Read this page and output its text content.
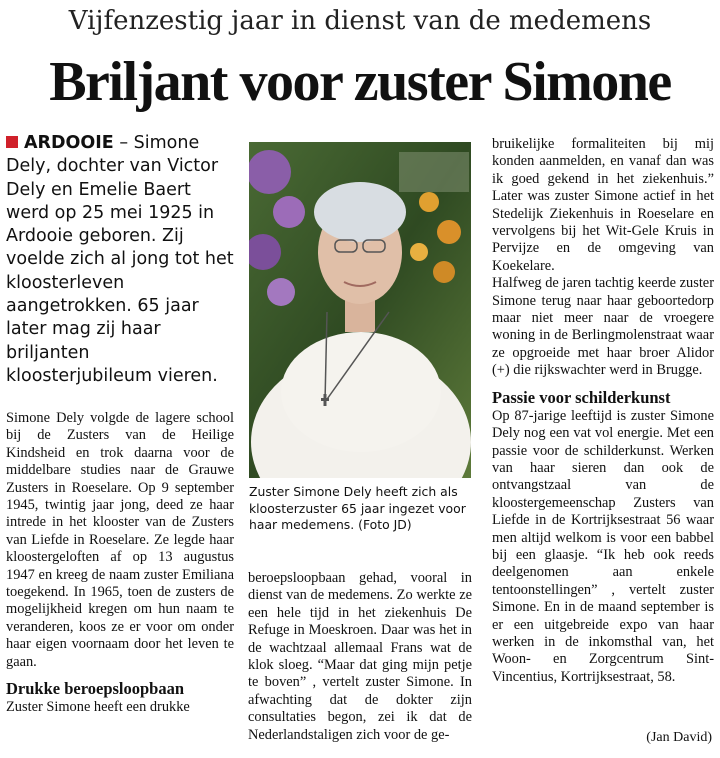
Vijfenzestig jaar in dienst van de medemens
Briljant voor zuster Simone
ARDOOIE – Simone Dely, dochter van Victor Dely en Emelie Baert werd op 25 mei 1925 in Ardooie geboren. Zij voelde zich al jong tot het kloosterleven aangetrokken. 65 jaar later mag zij haar briljanten kloosterjubileum vieren.

Simone Dely volgde de lagere school bij de Zusters van de Heilige Kindsheid en trok daarna voor de middelbare studies naar de Grauwe Zusters in Roeselare. Op 9 september 1945, twintig jaar jong, deed ze haar intrede in het klooster van de Zusters van Liefde in Roeselare. Ze legde haar kloostergeloften af op 13 augustus 1947 en kreeg de naam zuster Emiliana toegekend. In 1965, toen de zusters de mogelijkheid kregen om hun naam te veranderen, koos ze er voor om onder haar eigen voornaam door het leven te gaan.

Drukke beroepsloopbaan

Zuster Simone heeft een drukke

Zuster Simone Dely heeft zich als kloosterzuster 65 jaar ingezet voor haar medemens. (Foto JD)

beroepsloopbaan gehad, vooral in dienst van de medemens. Zo werkte ze een hele tijd in het ziekenhuis De Refuge in Moeskroen. Daar was het in de wachtzaal allemaal Frans wat de klok sloeg. “Maar dat ging mijn petje te boven” , vertelt zuster Simone. In afwachting dat de dokter zijn consultaties begon, zei ik dat de Nederlandstaligen zich voor de ge-

bruikelijke formaliteiten bij mij konden aanmelden, en vanaf dan was ik goed gekend in het ziekenhuis.” Later was zuster Simone actief in het Stedelijk Ziekenhuis in Roeselare en vervolgens bij het Wit-Gele Kruis in Pervijze en de omgeving van Koekelare.

Halfweg de jaren tachtig keerde zuster Simone terug naar haar geboortedorp maar niet meer naar de vroegere woning in de Berlingmolenstraat waar ze opgroeide met haar broer Alidor (+) die rijkswachter werd in Brugge.

Passie voor schilderkunst

Op 87-jarige leeftijd is zuster Simone Dely nog een vat vol energie. Met een passie voor de schilderkunst. Werken van haar sieren dan ook de ontvangstzaal van de kloostergemeenschap Zusters van Liefde in de Kortrijksestraat 56 waar men altijd welkom is voor een babbel bij een glaasje. “Ik heb ook reeds deelgenomen aan enkele tentoonstellingen” , vertelt zuster Simone. En in de maand september is er een uitgebreide expo van haar werken in de inkomsthal van, het Woon- en Zorgcentrum Sint-Vincentius, Kortrijksestraat, 58.

(Jan David)
